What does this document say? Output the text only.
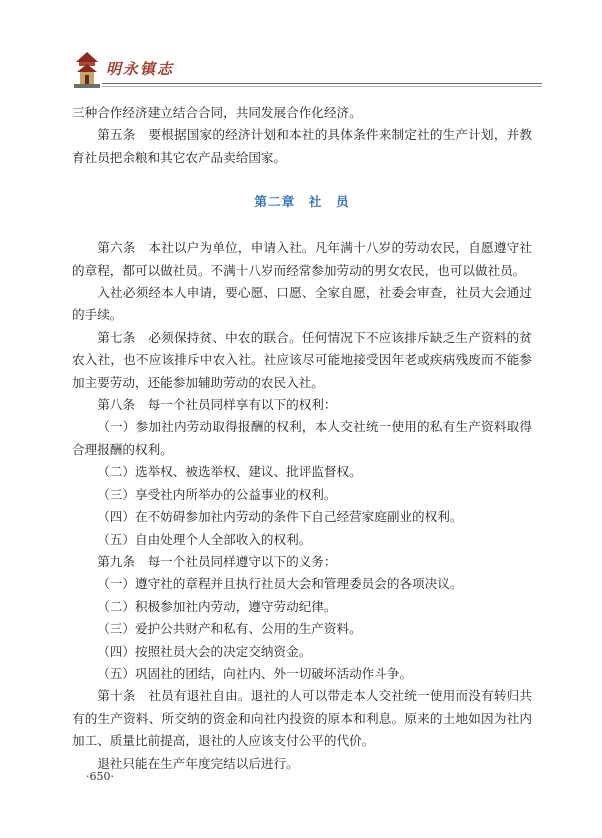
明永镇志

三种合作经济建立结合合同，共同发展合作化经济。

第五条　要根据国家的经济计划和本社的具体条件来制定社的生产计划，并教育社员把余粮和其它农产品卖给国家。

第二章　社　员

第六条　本社以户为单位，申请入社。凡年满十八岁的劳动农民，自愿遵守社的章程，都可以做社员。不满十八岁而经常参加劳动的男女农民，也可以做社员。

入社必须经本人申请，要心愿、口愿、全家自愿，社委会审查，社员大会通过的手续。

第七条　必须保持贫、中农的联合。任何情况下不应该排斥缺乏生产资料的贫农入社，也不应该排斥中农入社。社应该尽可能地接受因年老或疾病残废而不能参加主要劳动，还能参加辅助劳动的农民入社。

第八条　每一个社员同样享有以下的权利：

（一）参加社内劳动取得报酬的权利，本人交社统一使用的私有生产资料取得合理报酬的权利。

（二）选举权、被选举权、建议、批评监督权。

（三）享受社内所举办的公益事业的权利。

（四）在不妨碍参加社内劳动的条件下自己经营家庭副业的权利。

（五）自由处理个人全部收入的权利。

第九条　每一个社员同样遵守以下的义务：

（一）遵守社的章程并且执行社员大会和管理委员会的各项决议。

（二）积极参加社内劳动，遵守劳动纪律。

（三）爱护公共财产和私有、公用的生产资料。

（四）按照社员大会的决定交纳资金。

（五）巩固社的团结，向社内、外一切破坏活动作斗争。

第十条　社员有退社自由。退社的人可以带走本人交社统一使用而没有转归共有的生产资料、所交纳的资金和向社内投资的原本和利息。原来的土地如因为社内加工、质量比前提高，退社的人应该支付公平的代价。

退社只能在生产年度完结以后进行。

·650·
